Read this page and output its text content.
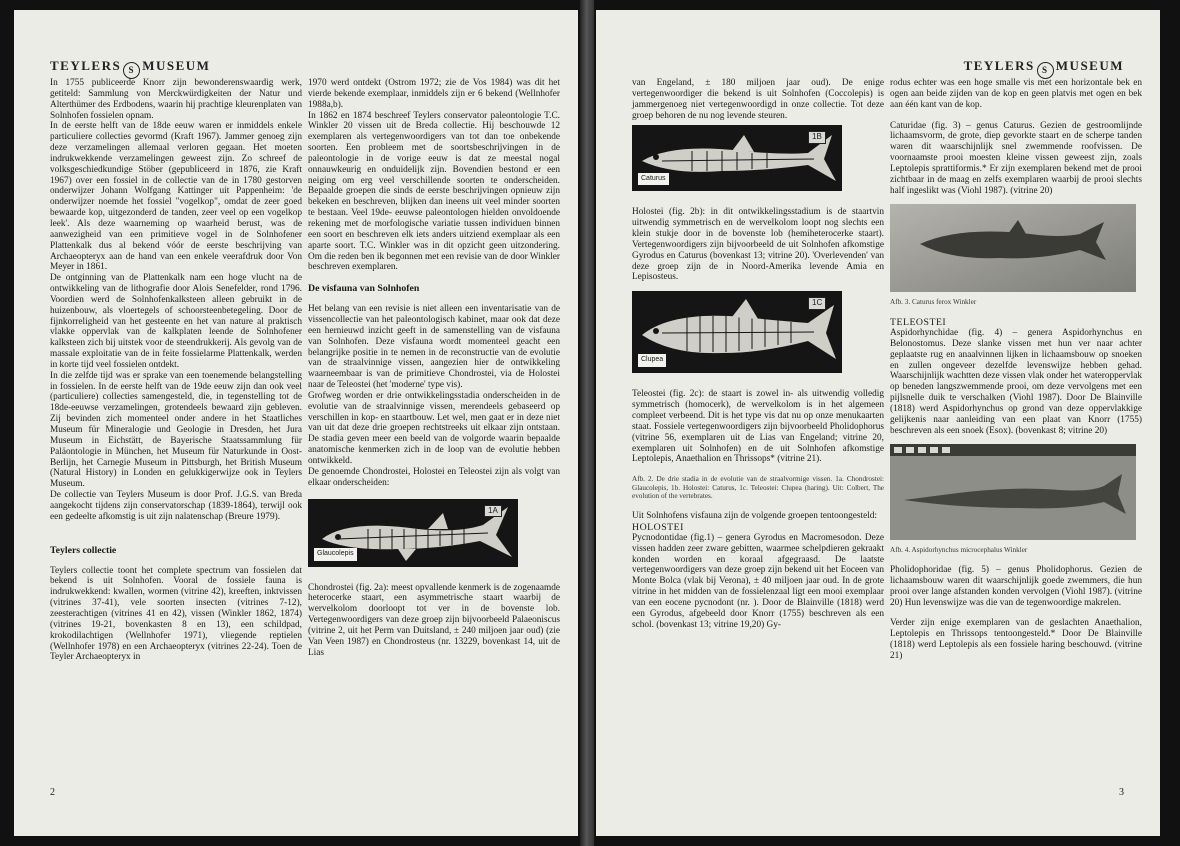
TEYLERS S MUSEUM

In 1755 publiceerde Knorr zijn bewonderenswaardig werk, getiteld: Sammlung von Merckwürdigkeiten der Natur und Alterthümer des Erdbodens, waarin hij prachtige kleurenplaten van Solnhofen fossielen opnam.

In de eerste helft van de 18de eeuw waren er inmiddels enkele particuliere collecties gevormd (Kraft 1967). Jammer genoeg zijn deze verzamelingen allemaal verloren gegaan. Het moeten indrukwekkende verzamelingen geweest zijn. Zo schreef de volksgeschiedkundige Stöber (gepubliceerd in 1876, zie Kraft 1967) over een fossiel in de collectie van de in 1780 gestorven onderwijzer Johann Wolfgang Kattinger uit Pappenheim: 'de onderwijzer noemde het fossiel "vogelkop", omdat de zeer goed bewaarde kop, uitgezonderd de tanden, zeer veel op een vogelkop leek'. Als deze waarneming op waarheid berust, was de aanwezigheid van een primitieve vogel in de Solnhofener Plattenkalk dus al bekend vóór de eerste beschrijving van Archaeopteryx aan de hand van een enkele veerafdruk door Von Meyer in 1861.

De ontginning van de Plattenkalk nam een hoge vlucht na de ontwikkeling van de lithografie door Alois Senefelder, rond 1796. Voordien werd de Solnhofenkalksteen alleen gebruikt in de huizenbouw, als vloertegels of schoorsteenbetegeling. Door de fijnkorreligheid van het gesteente en het van nature al praktisch vlakke oppervlak van de kalkplaten leende de Solnhofener kalksteen zich bij uitstek voor de steendrukkerij. Als gevolg van de massale exploitatie van de in feite fossielarme Plattenkalk, werden in korte tijd veel fossielen ontdekt.

In die zelfde tijd was er sprake van een toenemende belangstelling in fossielen. In de eerste helft van de 19de eeuw zijn dan ook veel (particuliere) collecties samengesteld, die, in tegenstelling tot de 18de-eeuwse verzamelingen, grotendeels bewaard zijn gebleven. Zij bevinden zich momenteel onder andere in het Staatliches Museum für Mineralogie und Geologie in Dresden, het Jura Museum in Eichstätt, de Bayerische Staatssammlung für Paläontologie in München, het Museum für Naturkunde in Oost-Berlijn, het Carnegie Museum in Pittsburgh, het British Museum (Natural History) in Londen en gelukkigerwijze ook in Teylers Museum.

De collectie van Teylers Museum is door Prof. J.G.S. van Breda aangekocht tijdens zijn conservatorschap (1839-1864), terwijl ook een gedeelte afkomstig is uit zijn nalatenschap (Breure 1979).

Teylers collectie

Teylers collectie toont het complete spectrum van fossielen dat bekend is uit Solnhofen. Vooral de fossiele fauna is indrukwekkend: kwallen, wormen (vitrine 42), kreeften, inktvissen (vitrines 37-41), vele soorten insecten (vitrines 7-12), zeesterachtigen (vitrines 41 en 42), vissen (Winkler 1862, 1874) (vitrines 19-21, bovenkasten 8 en 13), een schildpad, krokodilachtigen (Wellnhofer 1971), vliegende reptielen (Wellnhofer 1978) en een Archaeopteryx (vitrines 22-24). Toen de Teyler Archaeopteryx in

1970 werd ontdekt (Ostrom 1972; zie de Vos 1984) was dit het vierde bekende exemplaar, inmiddels zijn er 6 bekend (Wellnhofer 1988a,b).

In 1862 en 1874 beschreef Teylers conservator paleontologie T.C. Winkler 20 vissen uit de Breda collectie. Hij beschouwde 12 exemplaren als vertegenwoordigers van tot dan toe onbekende soorten. Een probleem met de soortsbeschrijvingen in de paleontologie in de vorige eeuw is dat ze meestal nogal onnauwkeurig en onduidelijk zijn. Bovendien bestond er een neiging om erg veel verschillende soorten te onderscheiden. Bepaalde groepen die sinds de eerste beschrijvingen opnieuw zijn bekeken en beschreven, blijken dan ineens uit veel minder soorten te bestaan. Veel 19de- eeuwse paleontologen hielden onvoldoende rekening met de morfologische variatie tussen individuen binnen een soort en beschreven elk iets anders uitziend exemplaar als een aparte soort. T.C. Winkler was in dit opzicht geen uitzondering. Om die reden ben ik begonnen met een revisie van de door Winkler beschreven exemplaren.

De visfauna van Solnhofen

Het belang van een revisie is niet alleen een inventarisatie van de vissencollectie van het paleontologisch kabinet, maar ook dat deze een hernieuwd inzicht geeft in de samenstelling van de visfauna van Solnhofen. Deze visfauna wordt momenteel geacht een belangrijke positie in te nemen in de reconstructie van de evolutie van de straalvinnige vissen, aangezien hier de ontwikkeling waarneembaar is van de primitieve Chondrostei, via de Holostei naar de Teleostei (het 'moderne' type vis).

Grofweg worden er drie ontwikkelingsstadia onderscheiden in de evolutie van de straalvinnige vissen, merendeels gebaseerd op verschillen in kop- en staartbouw. Let wel, men gaat er in deze niet van uit dat deze drie groepen rechtstreeks uit elkaar zijn ontstaan. De stadia geven meer een beeld van de volgorde waarin bepaalde anatomische kenmerken zich in de loop van de evolutie hebben ontwikkeld.

De genoemde Chondrostei, Holostei en Teleostei zijn als volgt van elkaar onderscheiden:

1A
Glaucolepis

Chondrostei (fig. 2a): meest opvallende kenmerk is de zogenaamde heterocerke staart, een asymmetrische staart waarbij de wervelkolom doorloopt tot ver in de bovenste lob. Vertegenwoordigers van deze groep zijn bijvoorbeeld Palaeoniscus (vitrine 2, uit het Perm van Duitsland, ± 240 miljoen jaar oud) (zie Van Veen 1987) en Chondrosteus (nr. 13229, bovenkast 14, uit de Lias

2
TEYLERS S MUSEUM

van Engeland, ± 180 miljoen jaar oud). De enige vertegenwoordiger die bekend is uit Solnhofen (Coccolepis) is jammergenoeg niet vertegenwoordigd in onze collectie. Tot deze groep behoren de nu nog levende steuren.

1B
Caturus

Holostei (fig. 2b): in dit ontwikkelingsstadium is de staartvin uitwendig symmetrisch en de wervelkolom loopt nog slechts een klein stukje door in de bovenste lob (hemiheterocerke staart). Vertegenwoordigers zijn bijvoorbeeld de uit Solnhofen afkomstige Gyrodus en Caturus (bovenkast 13; vitrine 20). 'Overlevenden' van deze groep zijn de in Noord-Amerika levende Amia en Lepisosteus.

1C
Clupea

Teleostei (fig. 2c): de staart is zowel in- als uitwendig volledig symmetrisch (homocerk), de wervelkolom is in het algemeen compleet verbeend. Dit is het type vis dat nu op onze menukaarten staat. Fossiele vertegenwoordigers zijn bijvoorbeeld Pholidophorus (vitrine 56, exemplaren uit de Lias van Engeland; vitrine 20, exemplaren uit Solnhofen) en de uit Solnhofen afkomstige Leptolepis, Anaethalion en Thrissops* (vitrine 21).

Afb. 2. De drie stadia in de evolutie van de straalvormige vissen. 1a. Chondrostei: Glaucolepis, 1b. Holostei: Caturus, 1c. Teleostei: Clupea (haring). Uit: Colbert, The evolution of the vertebrates.

Uit Solnhofens visfauna zijn de volgende groepen tentoongesteld:

HOLOSTEI

Pycnodontidae (fig.1) – genera Gyrodus en Macromesodon. Deze vissen hadden zeer zware gebitten, waarmee schelpdieren gekraakt konden worden en koraal afgegraasd. De laatste vertegenwoordigers van deze groep zijn bekend uit het Eoceen van Monte Bolca (vlak bij Verona), ± 40 miljoen jaar oud. In de grote vitrine in het midden van de fossielenzaal ligt een mooi exemplaar van een eocene pycnodont (nr. ). Door de Blainville (1818) werd een Gyrodus, afgebeeld door Knorr (1755) beschreven als een schol. (bovenkast 13; vitrine 19,20) Gy-

rodus echter was een hoge smalle vis met een horizontale bek en ogen aan beide zijden van de kop en geen platvis met ogen en bek aan één kant van de kop.

Caturidae (fig. 3) – genus Caturus. Gezien de gestroomlijnde lichaamsvorm, de grote, diep gevorkte staart en de scherpe tanden waren dit waarschijnlijk snel zwemmende roofvissen. De voornaamste prooi moesten kleine vissen geweest zijn, zoals Leptolepis sprattiformis.* Er zijn exemplaren bekend met de prooi zichtbaar in de maag en zelfs exemplaren waarbij de prooi slechts half ingeslikt was (Viohl 1987). (vitrine 20)

Afb. 3. Caturus ferox Winkler

TELEOSTEI

Aspidorhynchidae (fig. 4) – genera Aspidorhynchus en Belonostomus. Deze slanke vissen met hun ver naar achter geplaatste rug en anaalvinnen lijken in lichaamsbouw op snoeken en zullen ongeveer dezelfde levenswijze hebben gehad. Waarschijnlijk wachtten deze vissen vlak onder het wateroppervlak op beneden langszwemmende prooi, om deze vervolgens met een pijlsnelle duik te verschalken (Viohl 1987). Door De Blainville (1818) werd Aspidorhynchus op grond van deze oppervlakkige gelijkenis naar aanleiding van een plaat van Knorr (1755) beschreven als een snoek (Esox). (bovenkast 8; vitrine 20)

Afb. 4. Aspidorhynchus microcephalus Winkler

Pholidophoridae (fig. 5) – genus Pholidophorus. Gezien de lichaamsbouw waren dit waarschijnlijk goede zwemmers, die hun prooi over lange afstanden konden vervolgen (Viohl 1987). (vitrine 20) Hun levenswijze was die van de tegenwoordige makrelen.

Verder zijn enige exemplaren van de geslachten Anaethalion, Leptolepis en Thrissops tentoongesteld.* Door De Blainville (1818) werd Leptolepis als een fossiele haring beschouwd. (vitrine 21)

3
